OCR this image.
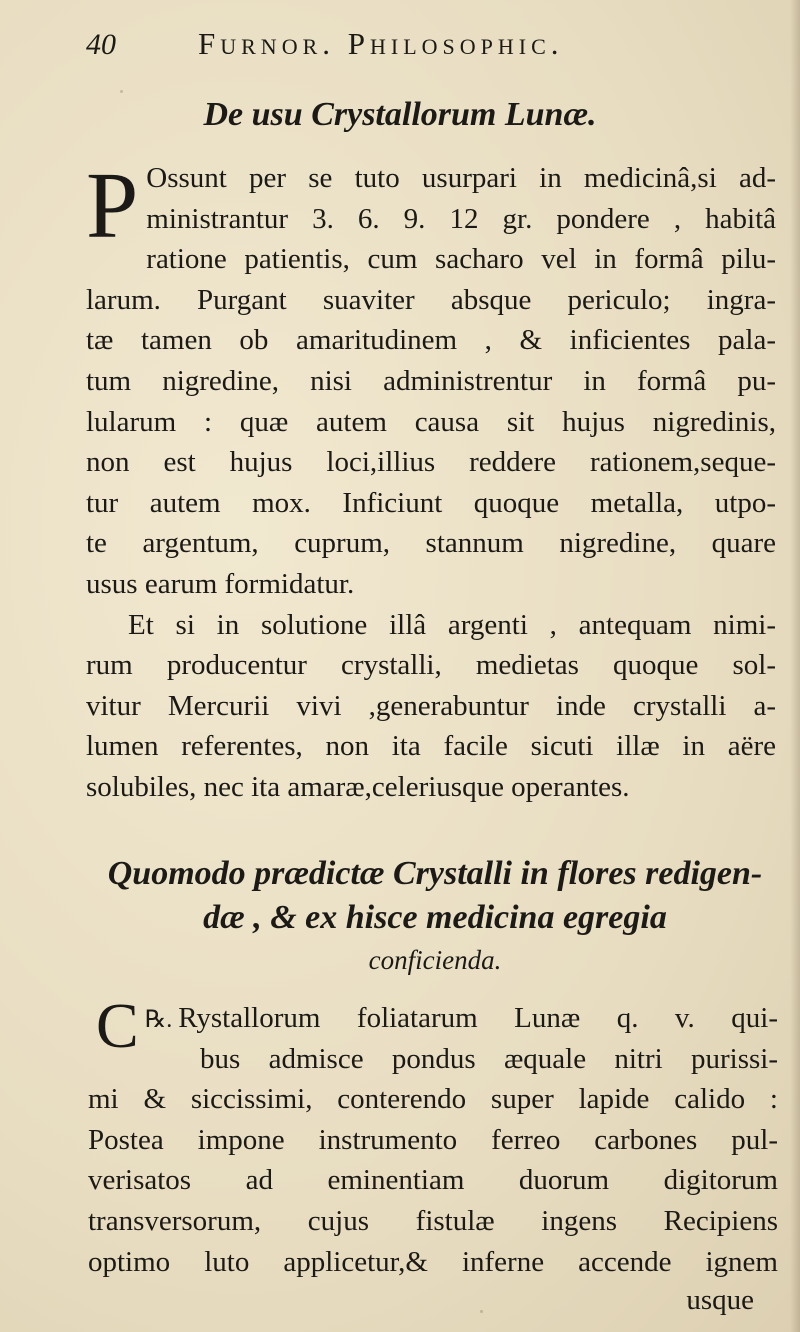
40	Furnor. Philosophic.
De usu Crystallorum Lunæ.
P Ossunt per se tuto usurpari in medicinâ,si ad-
ministrantur 3. 6. 9. 12 gr. pondere , habitâ
ratione patientis, cum sacharo vel in formâ pilu-
larum. Purgant suaviter absque periculo; ingra-
tæ tamen ob amaritudinem , & inficientes pala-
tum nigredine, nisi administrentur in formâ pu-
lularum : quæ autem causa sit hujus nigredinis,
non est hujus loci,illius reddere rationem,seque-
tur autem mox. Inficiunt quoque metalla, utpo-
te argentum, cuprum, stannum nigredine, quare
usus earum formidatur.
Et si in solutione illâ argenti , antequam nimi-
rum producentur crystalli, medietas quoque sol-
vitur Mercurii vivi ,generabuntur inde crystalli a-
lumen referentes, non ita facile sicuti illæ in aëre
solubiles, nec ita amaræ,celeriusque operantes.
Quomodo prædictæ Crystalli in flores redigen-
dæ , & ex hisce medicina egregia
conficienda.
℞.
C Rystallorum foliatarum Lunæ q. v. qui-
bus admisce pondus æquale nitri purissi-
mi & siccissimi, conterendo super lapide calido :
Postea impone instrumento ferreo carbones pul-
verisatos ad eminentiam duorum digitorum
transversorum, cujus fistulæ ingens Recipiens
optimo luto applicetur,& inferne accende ignem
usque
